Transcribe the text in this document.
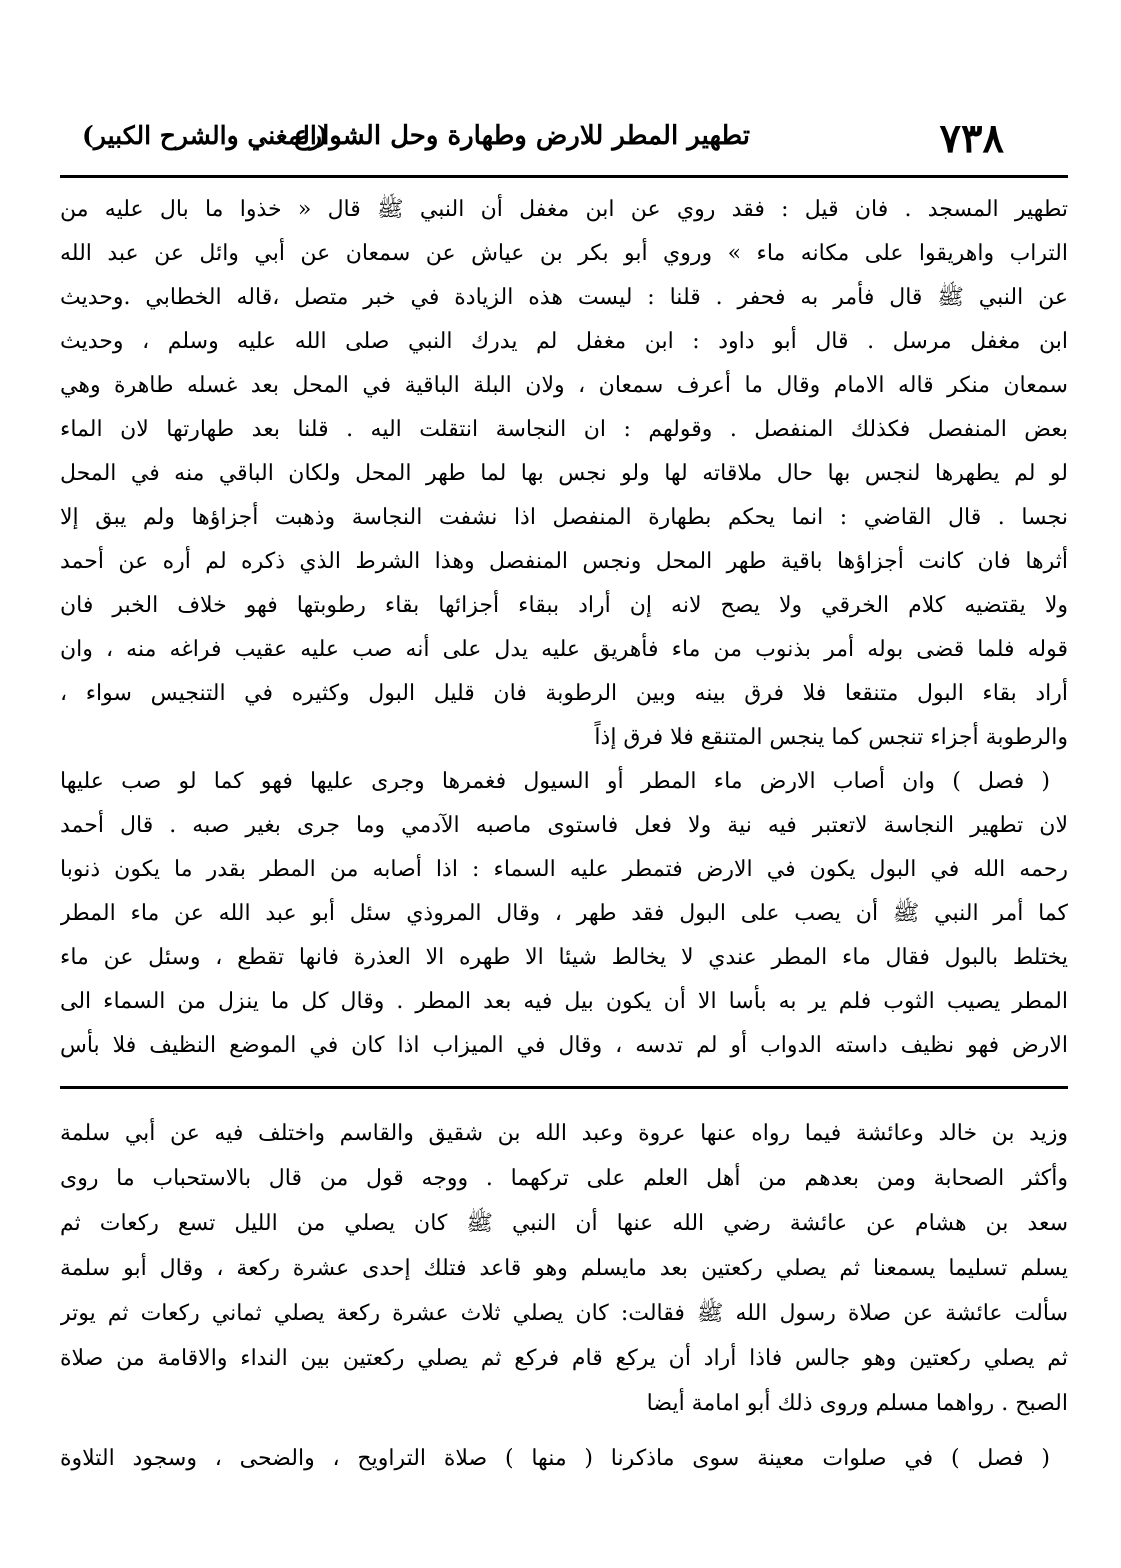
٧٣٨
تطهير المطر للارض وطهارة وحل الشوارع
(المغني والشرح الكبير)
تطهير المسجد . فان قيل : فقد روي عن ابن مغفل أن النبي ﷺ قال « خذوا ما بال عليه من
التراب واهريقوا على مكانه ماء » وروي أبو بكر بن عياش عن سمعان عن أبي وائل عن عبد الله
عن النبي ﷺ قال فأمر به فحفر . قلنا : ليست هذه الزيادة في خبر متصل ،قاله الخطابي .وحديث
ابن مغفل مرسل . قال أبو داود : ابن مغفل لم يدرك النبي صلى الله عليه وسلم ، وحديث
سمعان منكر قاله الامام وقال ما أعرف سمعان ، ولان البلة الباقية في المحل بعد غسله طاهرة وهي
بعض المنفصل فكذلك المنفصل . وقولهم : ان النجاسة انتقلت اليه . قلنا بعد طهارتها لان الماء
لو لم يطهرها لنجس بها حال ملاقاته لها ولو نجس بها لما طهر المحل ولكان الباقي منه في المحل
نجسا . قال القاضي : انما يحكم بطهارة المنفصل اذا نشفت النجاسة وذهبت أجزاؤها ولم يبق إلا
أثرها فان كانت أجزاؤها باقية طهر المحل ونجس المنفصل وهذا الشرط الذي ذكره لم أره عن أحمد
ولا يقتضيه كلام الخرقي ولا يصح لانه إن أراد ببقاء أجزائها بقاء رطوبتها فهو خلاف الخبر فان
قوله فلما قضى بوله أمر بذنوب من ماء فأهريق عليه يدل على أنه صب عليه عقيب فراغه منه ، وان
أراد بقاء البول متنقعا فلا فرق بينه وبين الرطوبة فان قليل البول وكثيره في التنجيس سواء ،
والرطوبة أجزاء تنجس كما ينجس المتنقع فلا فرق إذاً
( فصل ) وان أصاب الارض ماء المطر أو السيول فغمرها وجرى عليها فهو كما لو صب عليها
لان تطهير النجاسة لاتعتبر فيه نية ولا فعل فاستوى ماصبه الآدمي وما جرى بغير صبه . قال أحمد
رحمه الله في البول يكون في الارض فتمطر عليه السماء : اذا أصابه من المطر بقدر ما يكون ذنوبا
كما أمر النبي ﷺ أن يصب على البول فقد طهر ، وقال المروذي سئل أبو عبد الله عن ماء المطر
يختلط بالبول فقال ماء المطر عندي لا يخالط شيئا الا طهره الا العذرة فانها تقطع ، وسئل عن ماء
المطر يصيب الثوب فلم ير به بأسا الا أن يكون بيل فيه بعد المطر . وقال كل ما ينزل من السماء الى
الارض فهو نظيف داسته الدواب أو لم تدسه ، وقال في الميزاب اذا كان في الموضع النظيف فلا بأس
وزيد بن خالد وعائشة فيما رواه عنها عروة وعبد الله بن شقيق والقاسم واختلف فيه عن أبي سلمة
وأكثر الصحابة ومن بعدهم من أهل العلم على تركهما . ووجه قول من قال بالاستحباب ما روى
سعد بن هشام عن عائشة رضي الله عنها أن النبي ﷺ كان يصلي من الليل تسع ركعات ثم
يسلم تسليما يسمعنا ثم يصلي ركعتين بعد مايسلم وهو قاعد فتلك إحدى عشرة ركعة ، وقال أبو سلمة
سألت عائشة عن صلاة رسول الله ﷺ فقالت: كان يصلي ثلاث عشرة ركعة يصلي ثماني ركعات ثم يوتر
ثم يصلي ركعتين وهو جالس فاذا أراد أن يركع قام فركع ثم يصلي ركعتين بين النداء والاقامة من صلاة
الصبح . رواهما مسلم وروى ذلك أبو امامة أيضا
( فصل ) في صلوات معينة سوى ماذكرنا ( منها ) صلاة التراويح ، والضحى ، وسجود التلاوة
